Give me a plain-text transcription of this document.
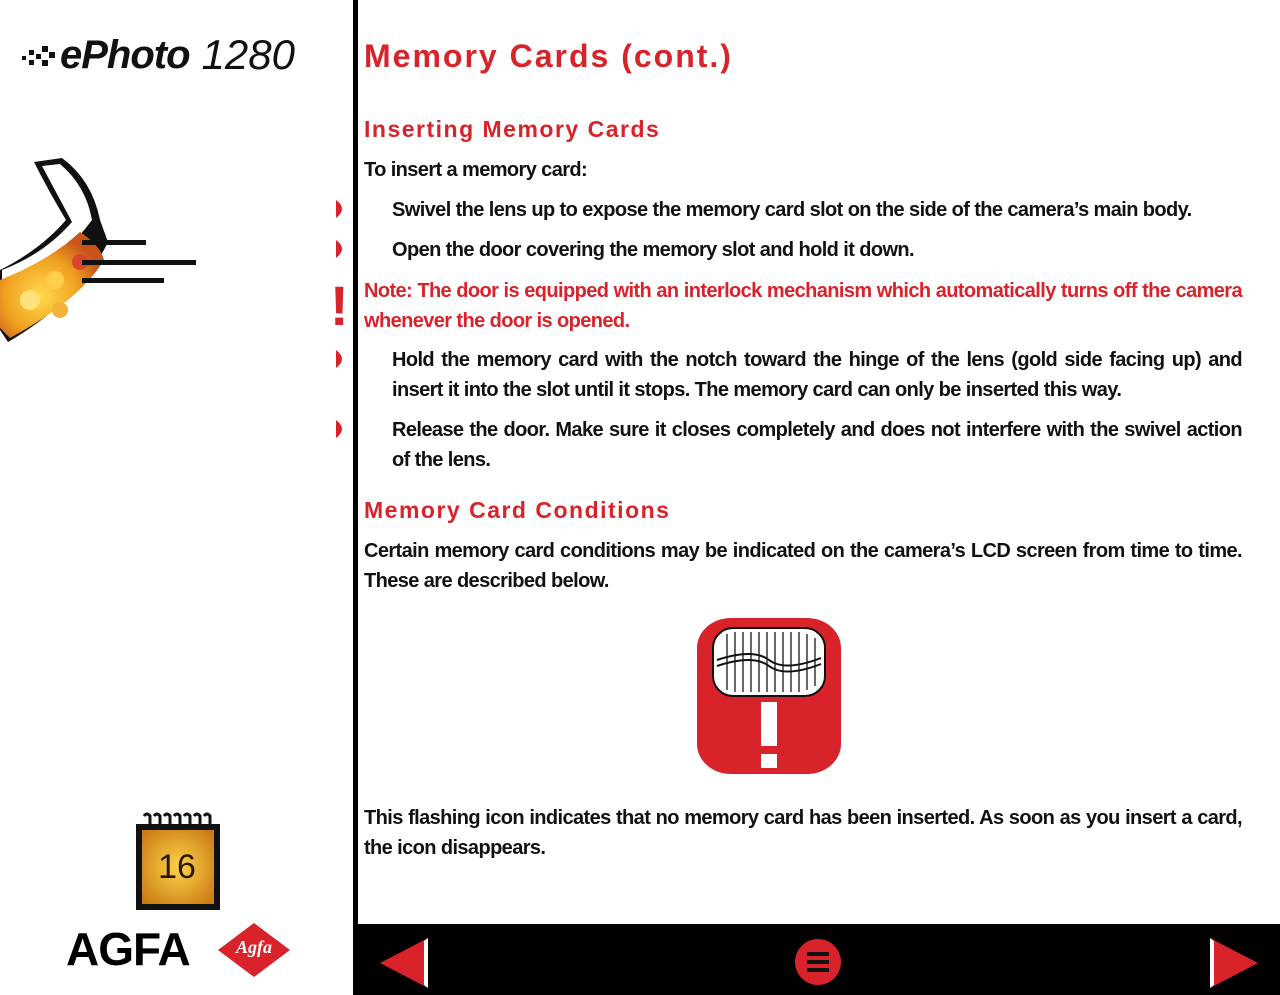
ePhoto 1280
16
AGFA	Agfa
Memory Cards (cont.)
Inserting Memory Cards

To insert a memory card:

Swivel the lens up to expose the memory card slot on the side of the camera’s main body.

Open the door covering the memory slot and hold it down.

! Note: The door is equipped with an interlock mechanism which automatically turns off the camera whenever the door is opened.

Hold the memory card with the notch toward the hinge of the lens (gold side facing up) and insert it into the slot until it stops. The memory card can only be inserted this way.

Release the door. Make sure it closes completely and does not interfere with the swivel action of the lens.

Memory Card Conditions

Certain memory card conditions may be indicated on the camera’s LCD screen from time to time. These are described below.

This flashing icon indicates that no memory card has been inserted. As soon as you insert a card, the icon disappears.
